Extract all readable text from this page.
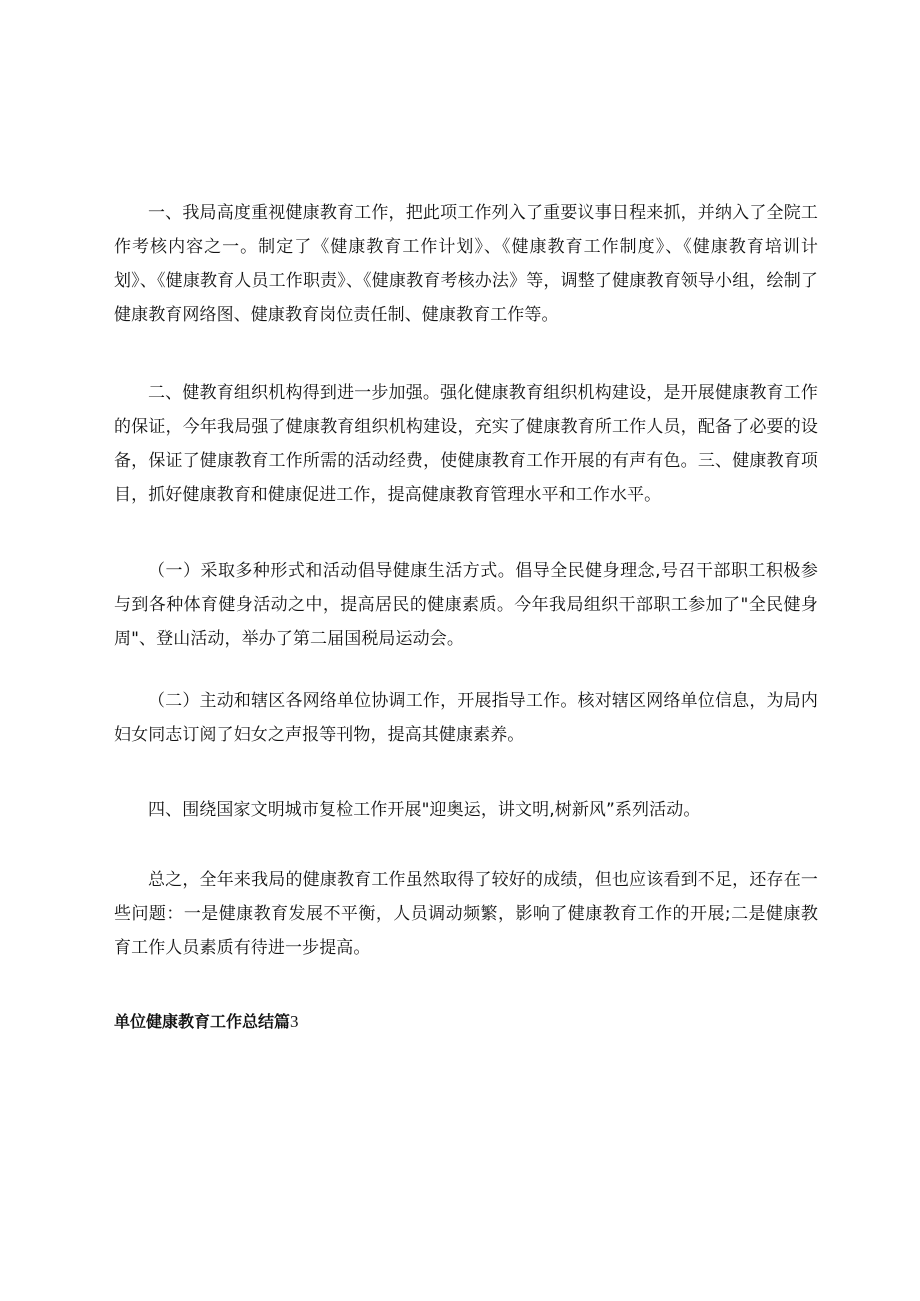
一、我局高度重视健康教育工作，把此项工作列入了重要议事日程来抓，并纳入了全院工作考核内容之一。制定了《健康教育工作计划》、《健康教育工作制度》、《健康教育培训计划》、《健康教育人员工作职责》、《健康教育考核办法》等，调整了健康教育领导小组，绘制了健康教育网络图、健康教育岗位责任制、健康教育工作等。

二、健教育组织机构得到进一步加强。强化健康教育组织机构建设，是开展健康教育工作的保证，今年我局强了健康教育组织机构建设，充实了健康教育所工作人员，配备了必要的设备，保证了健康教育工作所需的活动经费，使健康教育工作开展的有声有色。三、健康教育项目，抓好健康教育和健康促进工作，提高健康教育管理水平和工作水平。

（一）采取多种形式和活动倡导健康生活方式。倡导全民健身理念,号召干部职工积极参与到各种体育健身活动之中，提高居民的健康素质。今年我局组织干部职工参加了"全民健身周"、登山活动，举办了第二届国税局运动会。

（二）主动和辖区各网络单位协调工作，开展指导工作。核对辖区网络单位信息，为局内妇女同志订阅了妇女之声报等刊物，提高其健康素养。

四、围绕国家文明城市复检工作开展"迎奥运，讲文明,树新风”系列活动。

总之，全年来我局的健康教育工作虽然取得了较好的成绩，但也应该看到不足，还存在一些问题：一是健康教育发展不平衡，人员调动频繁，影响了健康教育工作的开展;二是健康教育工作人员素质有待进一步提高。

单位健康教育工作总结篇3
